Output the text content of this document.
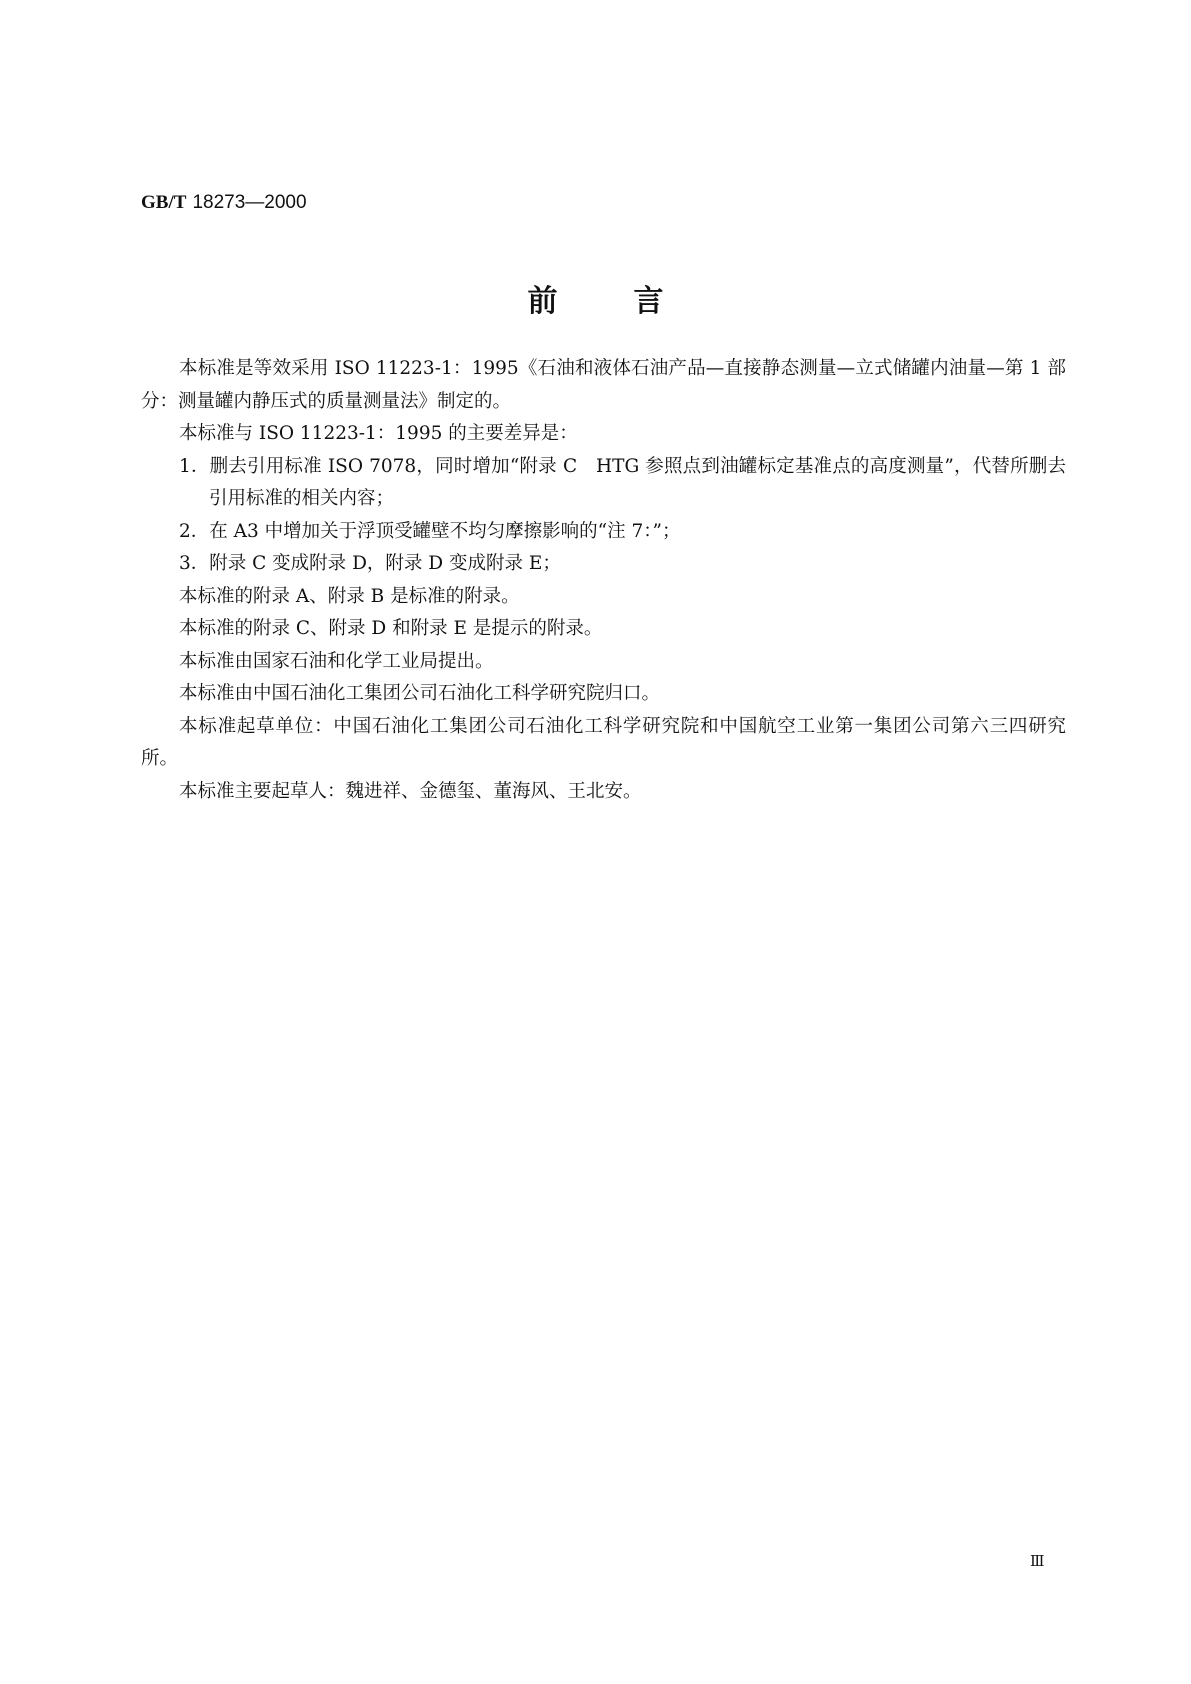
GB/T 18273—2000
前言

本标准是等效采用 ISO 11223-1：1995《石油和液体石油产品—直接静态测量—立式储罐内油量—第 1 部分：测量罐内静压式的质量测量法》制定的。

本标准与 ISO 11223-1：1995 的主要差异是：

1．删去引用标准 ISO 7078，同时增加“附录 C　HTG 参照点到油罐标定基准点的高度测量”，代替所删去引用标准的相关内容；

2．在 A3 中增加关于浮顶受罐壁不均匀摩擦影响的“注 7：”；

3．附录 C 变成附录 D，附录 D 变成附录 E；

本标准的附录 A、附录 B 是标准的附录。

本标准的附录 C、附录 D 和附录 E 是提示的附录。

本标准由国家石油和化学工业局提出。

本标准由中国石油化工集团公司石油化工科学研究院归口。

本标准起草单位：中国石油化工集团公司石油化工科学研究院和中国航空工业第一集团公司第六三四研究所。

本标准主要起草人：魏进祥、金德玺、董海风、王北安。

Ⅲ
